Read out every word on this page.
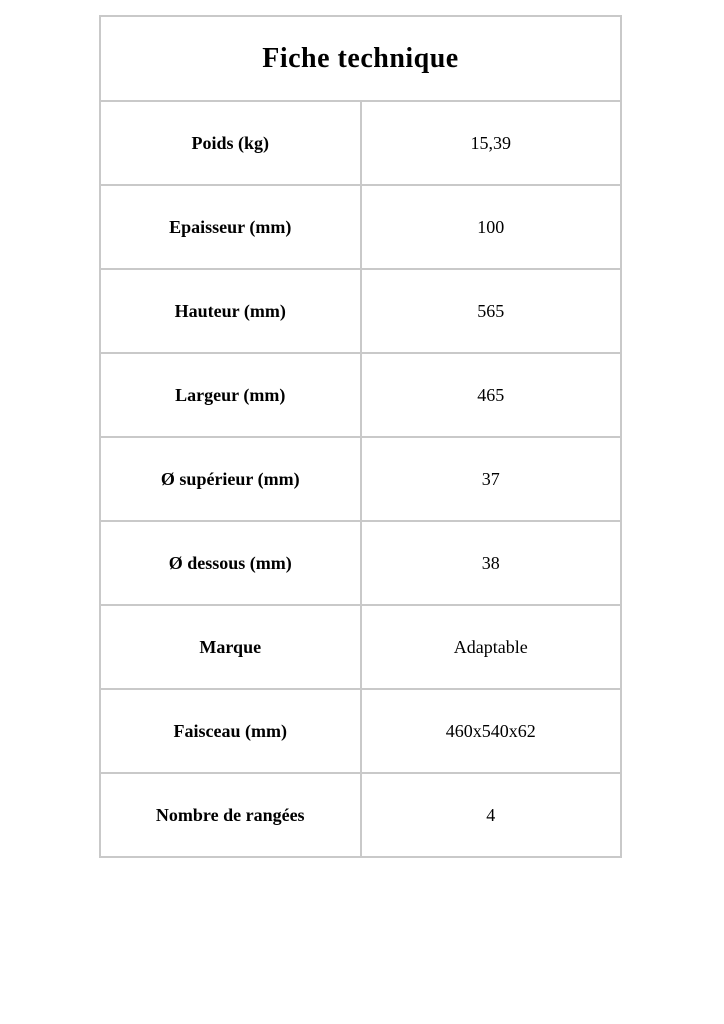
Fiche technique	
Poids (kg)	15,39
Epaisseur (mm)	100
Hauteur (mm)	565
Largeur (mm)	465
Ø supérieur (mm)	37
Ø dessous (mm)	38
Marque	Adaptable
Faisceau (mm)	460x540x62
Nombre de rangées	4
